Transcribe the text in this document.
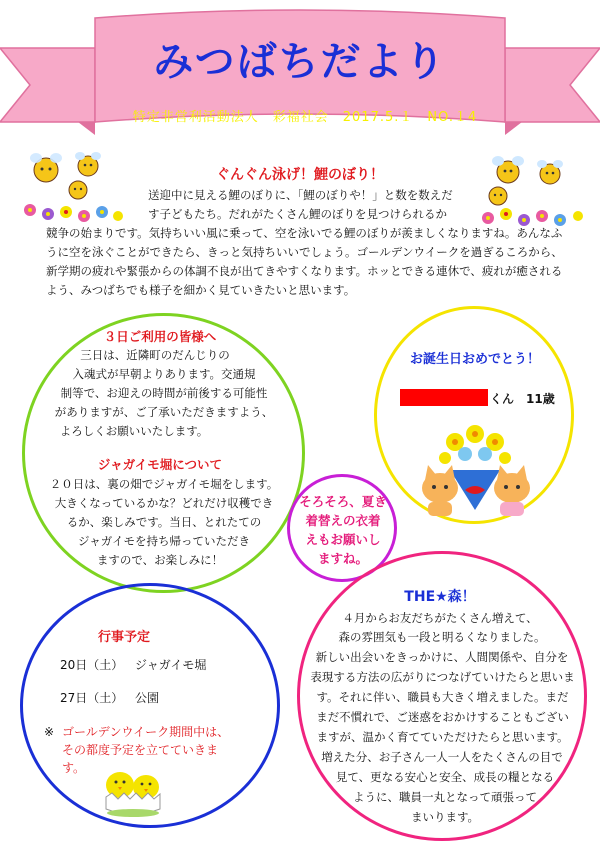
みつばちだより
特定非営利活動法人　彩福社会　2017.5.１　NO.１4
ぐんぐん泳げ！鯉のぼり！
送迎中に見える鯉のぼりに、「鯉のぼりや！」と数を数えだ
す子どもたち。だれがたくさん鯉のぼりを見つけられるか
競争の始まりです。気持ちいい風に乗って、空を泳いでる鯉のぼりが羨ましくなりますね。あんなふ
うに空を泳ぐことができたら、きっと気持ちいいでしょう。ゴールデンウイークを過ぎるころから、
新学期の疲れや緊張からの体調不良が出てきやすくなります。ホッとできる連休で、疲れが癒される
よう、みつばちでも様子を細かく見ていきたいと思います。
３日ご利用の皆様へ
三日は、近隣町のだんじりの
入魂式が早朝よりあります。交通規
制等で、お迎えの時間が前後する可能性
がありますが、ご了承いただきますよう、
よろしくお願いいたします。
ジャガイモ堀について
２０日は、裏の畑でジャガイモ堀をします。
大きくなっているかな？どれだけ収穫でき
るか、楽しみです。当日、とれたての
ジャガイモを持ち帰っていただき
ますので、お楽しみに！
お誕生日おめでとう！
くん　11歳
そろそろ、夏き
着替えの衣着
えもお願いし
ますね。
行事予定
20日（土） ジャガイモ堀
27日（土） 公園
※ ゴールデンウイーク期間中は、
その都度予定を立てていきま
す。
THE★森！
４月からお友だちがたくさん増えて、
森の雰囲気も一段と明るくなりました。
新しい出会いをきっかけに、人間関係や、自分を
表現する方法の広がりにつなげていけたらと思いま
す。それに伴い、職員も大きく増えました。まだ
まだ不慣れで、ご迷惑をおかけすることもござい
ますが、温かく育てていただけたらと思います。
増えた分、お子さん一人一人をたくさんの目で
見て、更なる安心と安全、成長の糧となる
ように、職員一丸となって頑張って
まいります。
